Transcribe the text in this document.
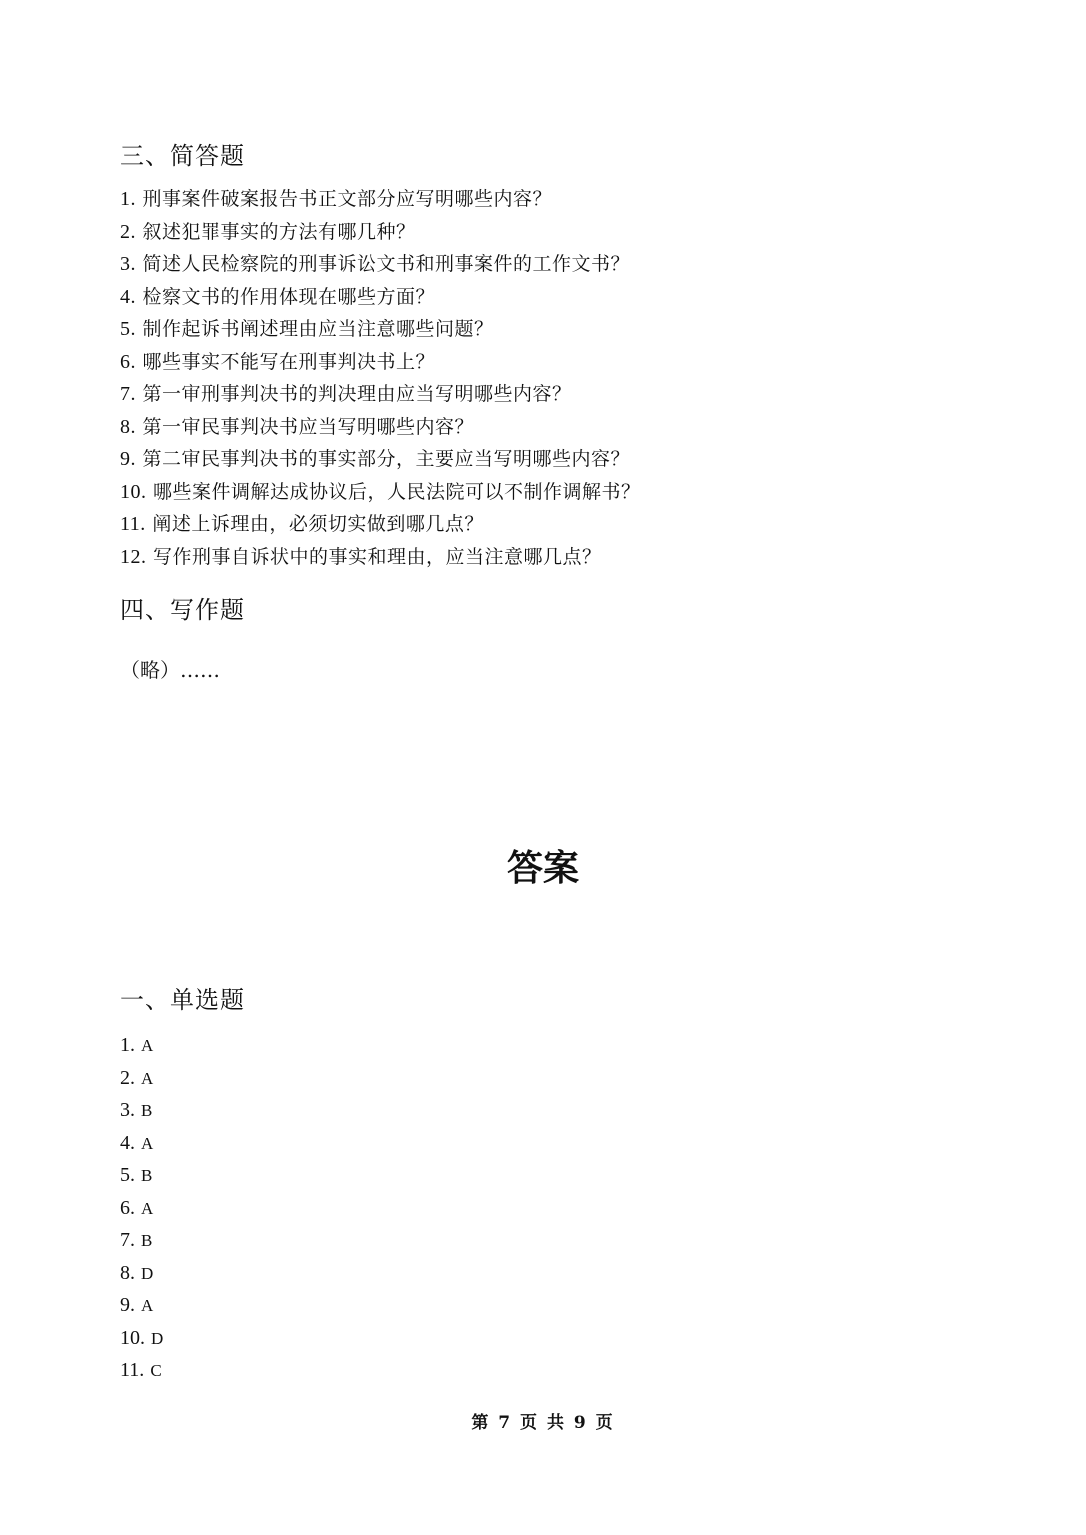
三、简答题
1. 刑事案件破案报告书正文部分应写明哪些内容？
2. 叙述犯罪事实的方法有哪几种？
3. 简述人民检察院的刑事诉讼文书和刑事案件的工作文书？
4. 检察文书的作用体现在哪些方面？
5. 制作起诉书阐述理由应当注意哪些问题？
6. 哪些事实不能写在刑事判决书上？
7. 第一审刑事判决书的判决理由应当写明哪些内容？
8. 第一审民事判决书应当写明哪些内容？
9. 第二审民事判决书的事实部分，主要应当写明哪些内容？
10. 哪些案件调解达成协议后，人民法院可以不制作调解书？
11. 阐述上诉理由，必须切实做到哪几点？
12. 写作刑事自诉状中的事实和理由，应当注意哪几点？
四、写作题

（略）……

答案
一、单选题
1. A
2. A
3. B
4. A
5. B
6. A
7. B
8. D
9. A
10. D
11. C

第 7 页 共 9 页
